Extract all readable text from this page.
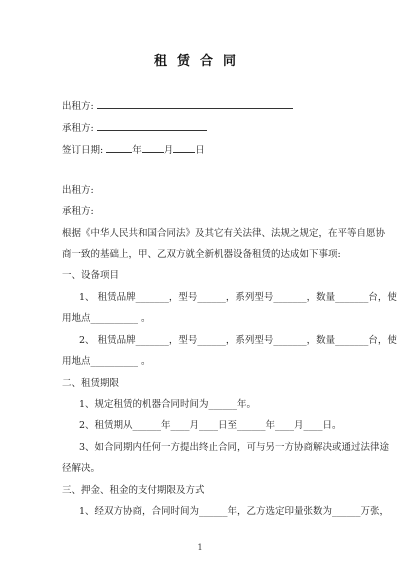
租赁合同
出租方:
承租方:
签订日期:	年 月 日
出租方:
承租方:
根据《中华人民共和国合同法》及其它有关法律、法规之规定，在平等自愿协
商一致的基础上，甲、乙双方就全新机器设备租赁的达成如下事项:
一、设备项目
1、 租赁品牌_______，型号______，系列型号_______，数量_______台，使
用地点__________ 。
2、 租赁品牌_______，型号______，系列型号_______，数量_______台，使
用地点__________ 。
二、租赁期限
1、规定租赁的机器合同时间为______年。
2、租赁期从______年____月____日至______年____月____日。
3、如合同期内任何一方提出终止合同，可与另一方协商解决或通过法律途
径解决。
三、押金、租金的支付期限及方式
1、经双方协商，合同时间为______年，乙方选定印量张数为______万张，
1
